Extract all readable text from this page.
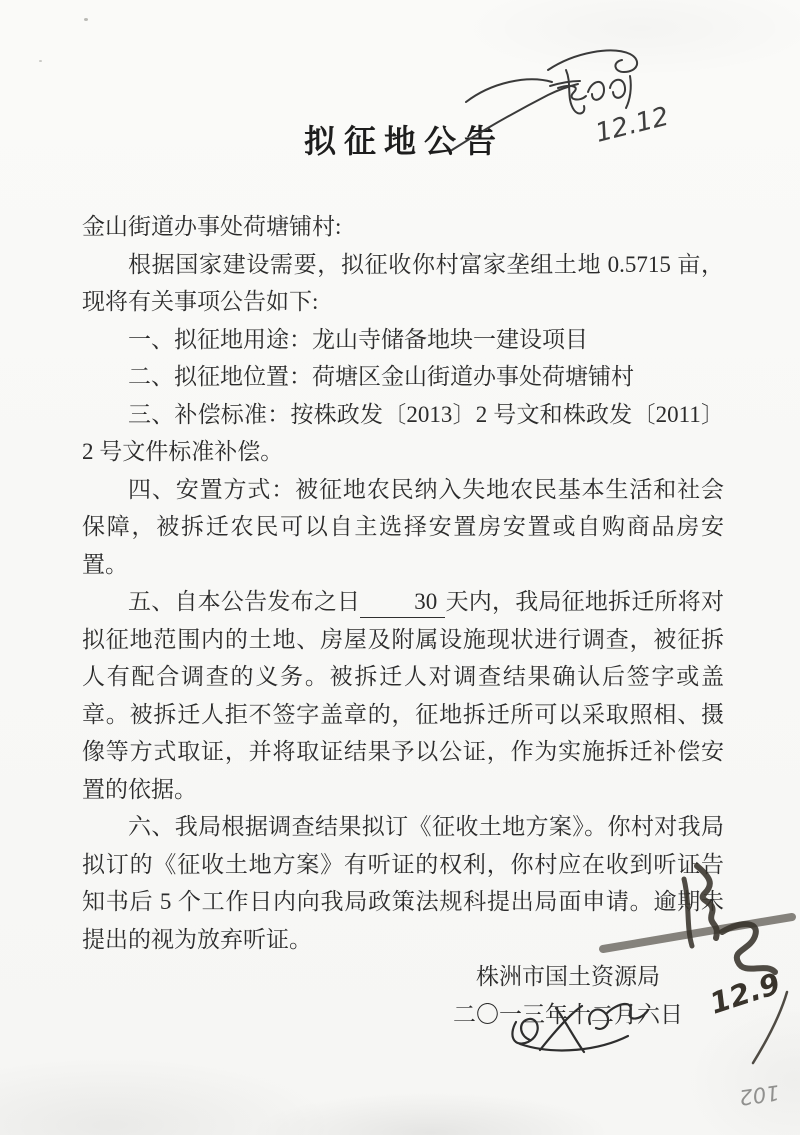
拟 征 地 公 告

金山街道办事处荷塘铺村:

根据国家建设需要，拟征收你村富家垄组土地 0.5715 亩，现将有关事项公告如下:

一、拟征地用途：龙山寺储备地块一建设项目

二、拟征地位置：荷塘区金山街道办事处荷塘铺村

三、补偿标准：按株政发〔2013〕2 号文和株政发〔2011〕2 号文件标准补偿。

四、安置方式：被征地农民纳入失地农民基本生活和社会保障，被拆迁农民可以自主选择安置房安置或自购商品房安置。

五、自本公告发布之日 30 天内，我局征地拆迁所将对拟征地范围内的土地、房屋及附属设施现状进行调查，被征拆人有配合调查的义务。被拆迁人对调查结果确认后签字或盖章。被拆迁人拒不签字盖章的，征地拆迁所可以采取照相、摄像等方式取证，并将取证结果予以公证，作为实施拆迁补偿安置的依据。

六、我局根据调查结果拟订《征收土地方案》。你村对我局拟订的《征收土地方案》有听证的权利，你村应在收到听证告知书后 5 个工作日内向我局政策法规科提出局面申请。逾期未提出的视为放弃听证。

株洲市国土资源局
二〇一三年十二月六日
12.12
12.9
102
